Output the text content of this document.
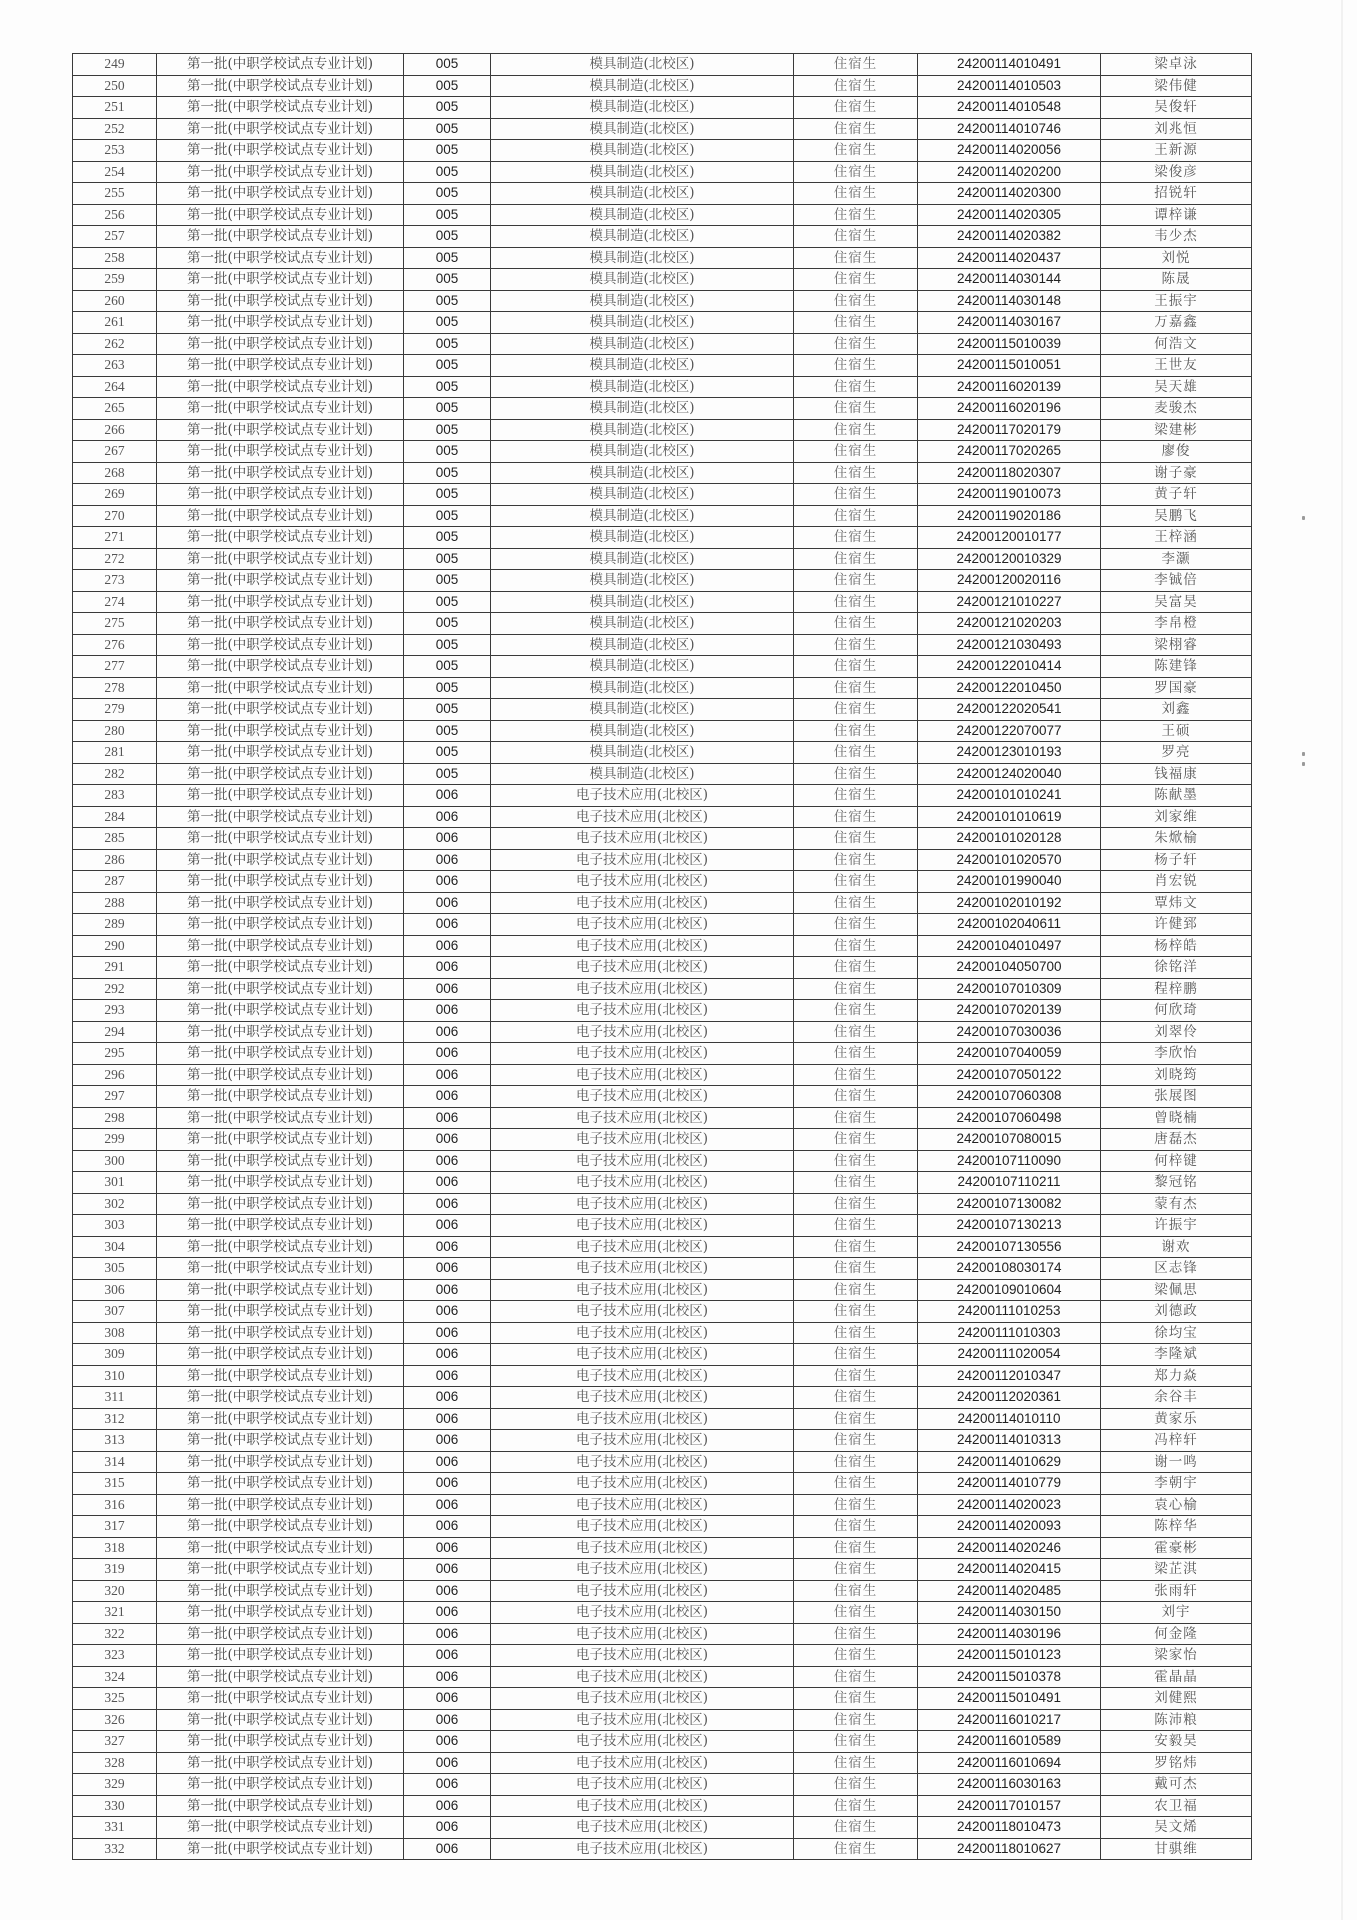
249	第一批(中职学校试点专业计划)	005	模具制造(北校区)	住宿生	24200114010491	梁卓泳
250	第一批(中职学校试点专业计划)	005	模具制造(北校区)	住宿生	24200114010503	梁伟健
251	第一批(中职学校试点专业计划)	005	模具制造(北校区)	住宿生	24200114010548	吴俊轩
252	第一批(中职学校试点专业计划)	005	模具制造(北校区)	住宿生	24200114010746	刘兆恒
253	第一批(中职学校试点专业计划)	005	模具制造(北校区)	住宿生	24200114020056	王新源
254	第一批(中职学校试点专业计划)	005	模具制造(北校区)	住宿生	24200114020200	梁俊彦
255	第一批(中职学校试点专业计划)	005	模具制造(北校区)	住宿生	24200114020300	招锐轩
256	第一批(中职学校试点专业计划)	005	模具制造(北校区)	住宿生	24200114020305	谭梓谦
257	第一批(中职学校试点专业计划)	005	模具制造(北校区)	住宿生	24200114020382	韦少杰
258	第一批(中职学校试点专业计划)	005	模具制造(北校区)	住宿生	24200114020437	刘悦
259	第一批(中职学校试点专业计划)	005	模具制造(北校区)	住宿生	24200114030144	陈晟
260	第一批(中职学校试点专业计划)	005	模具制造(北校区)	住宿生	24200114030148	王振宇
261	第一批(中职学校试点专业计划)	005	模具制造(北校区)	住宿生	24200114030167	万嘉鑫
262	第一批(中职学校试点专业计划)	005	模具制造(北校区)	住宿生	24200115010039	何浩文
263	第一批(中职学校试点专业计划)	005	模具制造(北校区)	住宿生	24200115010051	王世友
264	第一批(中职学校试点专业计划)	005	模具制造(北校区)	住宿生	24200116020139	吴天雄
265	第一批(中职学校试点专业计划)	005	模具制造(北校区)	住宿生	24200116020196	麦骏杰
266	第一批(中职学校试点专业计划)	005	模具制造(北校区)	住宿生	24200117020179	梁建彬
267	第一批(中职学校试点专业计划)	005	模具制造(北校区)	住宿生	24200117020265	廖俊
268	第一批(中职学校试点专业计划)	005	模具制造(北校区)	住宿生	24200118020307	谢子豪
269	第一批(中职学校试点专业计划)	005	模具制造(北校区)	住宿生	24200119010073	黄子轩
270	第一批(中职学校试点专业计划)	005	模具制造(北校区)	住宿生	24200119020186	吴鹏飞
271	第一批(中职学校试点专业计划)	005	模具制造(北校区)	住宿生	24200120010177	王梓涵
272	第一批(中职学校试点专业计划)	005	模具制造(北校区)	住宿生	24200120010329	李灏
273	第一批(中职学校试点专业计划)	005	模具制造(北校区)	住宿生	24200120020116	李铖倍
274	第一批(中职学校试点专业计划)	005	模具制造(北校区)	住宿生	24200121010227	吴富昊
275	第一批(中职学校试点专业计划)	005	模具制造(北校区)	住宿生	24200121020203	李帛橙
276	第一批(中职学校试点专业计划)	005	模具制造(北校区)	住宿生	24200121030493	梁栩睿
277	第一批(中职学校试点专业计划)	005	模具制造(北校区)	住宿生	24200122010414	陈建锋
278	第一批(中职学校试点专业计划)	005	模具制造(北校区)	住宿生	24200122010450	罗国豪
279	第一批(中职学校试点专业计划)	005	模具制造(北校区)	住宿生	24200122020541	刘鑫
280	第一批(中职学校试点专业计划)	005	模具制造(北校区)	住宿生	24200122070077	王硕
281	第一批(中职学校试点专业计划)	005	模具制造(北校区)	住宿生	24200123010193	罗亮
282	第一批(中职学校试点专业计划)	005	模具制造(北校区)	住宿生	24200124020040	钱福康
283	第一批(中职学校试点专业计划)	006	电子技术应用(北校区)	住宿生	24200101010241	陈献墨
284	第一批(中职学校试点专业计划)	006	电子技术应用(北校区)	住宿生	24200101010619	刘家维
285	第一批(中职学校试点专业计划)	006	电子技术应用(北校区)	住宿生	24200101020128	朱焮榆
286	第一批(中职学校试点专业计划)	006	电子技术应用(北校区)	住宿生	24200101020570	杨子轩
287	第一批(中职学校试点专业计划)	006	电子技术应用(北校区)	住宿生	24200101990040	肖宏锐
288	第一批(中职学校试点专业计划)	006	电子技术应用(北校区)	住宿生	24200102010192	覃炜文
289	第一批(中职学校试点专业计划)	006	电子技术应用(北校区)	住宿生	24200102040611	许健郅
290	第一批(中职学校试点专业计划)	006	电子技术应用(北校区)	住宿生	24200104010497	杨梓皓
291	第一批(中职学校试点专业计划)	006	电子技术应用(北校区)	住宿生	24200104050700	徐铭洋
292	第一批(中职学校试点专业计划)	006	电子技术应用(北校区)	住宿生	24200107010309	程梓鹏
293	第一批(中职学校试点专业计划)	006	电子技术应用(北校区)	住宿生	24200107020139	何欣琦
294	第一批(中职学校试点专业计划)	006	电子技术应用(北校区)	住宿生	24200107030036	刘翠伶
295	第一批(中职学校试点专业计划)	006	电子技术应用(北校区)	住宿生	24200107040059	李欣怡
296	第一批(中职学校试点专业计划)	006	电子技术应用(北校区)	住宿生	24200107050122	刘晓筠
297	第一批(中职学校试点专业计划)	006	电子技术应用(北校区)	住宿生	24200107060308	张展图
298	第一批(中职学校试点专业计划)	006	电子技术应用(北校区)	住宿生	24200107060498	曾晓楠
299	第一批(中职学校试点专业计划)	006	电子技术应用(北校区)	住宿生	24200107080015	唐磊杰
300	第一批(中职学校试点专业计划)	006	电子技术应用(北校区)	住宿生	24200107110090	何梓键
301	第一批(中职学校试点专业计划)	006	电子技术应用(北校区)	住宿生	24200107110211	黎冠铭
302	第一批(中职学校试点专业计划)	006	电子技术应用(北校区)	住宿生	24200107130082	蒙有杰
303	第一批(中职学校试点专业计划)	006	电子技术应用(北校区)	住宿生	24200107130213	许振宇
304	第一批(中职学校试点专业计划)	006	电子技术应用(北校区)	住宿生	24200107130556	谢欢
305	第一批(中职学校试点专业计划)	006	电子技术应用(北校区)	住宿生	24200108030174	区志锋
306	第一批(中职学校试点专业计划)	006	电子技术应用(北校区)	住宿生	24200109010604	梁佩思
307	第一批(中职学校试点专业计划)	006	电子技术应用(北校区)	住宿生	24200111010253	刘德政
308	第一批(中职学校试点专业计划)	006	电子技术应用(北校区)	住宿生	24200111010303	徐均宝
309	第一批(中职学校试点专业计划)	006	电子技术应用(北校区)	住宿生	24200111020054	李隆斌
310	第一批(中职学校试点专业计划)	006	电子技术应用(北校区)	住宿生	24200112010347	郑力焱
311	第一批(中职学校试点专业计划)	006	电子技术应用(北校区)	住宿生	24200112020361	余谷丰
312	第一批(中职学校试点专业计划)	006	电子技术应用(北校区)	住宿生	24200114010110	黄家乐
313	第一批(中职学校试点专业计划)	006	电子技术应用(北校区)	住宿生	24200114010313	冯梓轩
314	第一批(中职学校试点专业计划)	006	电子技术应用(北校区)	住宿生	24200114010629	谢一鸣
315	第一批(中职学校试点专业计划)	006	电子技术应用(北校区)	住宿生	24200114010779	李朝宇
316	第一批(中职学校试点专业计划)	006	电子技术应用(北校区)	住宿生	24200114020023	袁心榆
317	第一批(中职学校试点专业计划)	006	电子技术应用(北校区)	住宿生	24200114020093	陈梓华
318	第一批(中职学校试点专业计划)	006	电子技术应用(北校区)	住宿生	24200114020246	霍豪彬
319	第一批(中职学校试点专业计划)	006	电子技术应用(北校区)	住宿生	24200114020415	梁芷淇
320	第一批(中职学校试点专业计划)	006	电子技术应用(北校区)	住宿生	24200114020485	张雨轩
321	第一批(中职学校试点专业计划)	006	电子技术应用(北校区)	住宿生	24200114030150	刘宇
322	第一批(中职学校试点专业计划)	006	电子技术应用(北校区)	住宿生	24200114030196	何金隆
323	第一批(中职学校试点专业计划)	006	电子技术应用(北校区)	住宿生	24200115010123	梁家怡
324	第一批(中职学校试点专业计划)	006	电子技术应用(北校区)	住宿生	24200115010378	霍晶晶
325	第一批(中职学校试点专业计划)	006	电子技术应用(北校区)	住宿生	24200115010491	刘健熙
326	第一批(中职学校试点专业计划)	006	电子技术应用(北校区)	住宿生	24200116010217	陈沛粮
327	第一批(中职学校试点专业计划)	006	电子技术应用(北校区)	住宿生	24200116010589	安毅昊
328	第一批(中职学校试点专业计划)	006	电子技术应用(北校区)	住宿生	24200116010694	罗铭炜
329	第一批(中职学校试点专业计划)	006	电子技术应用(北校区)	住宿生	24200116030163	戴可杰
330	第一批(中职学校试点专业计划)	006	电子技术应用(北校区)	住宿生	24200117010157	农卫福
331	第一批(中职学校试点专业计划)	006	电子技术应用(北校区)	住宿生	24200118010473	吴文烯
332	第一批(中职学校试点专业计划)	006	电子技术应用(北校区)	住宿生	24200118010627	甘骐维
